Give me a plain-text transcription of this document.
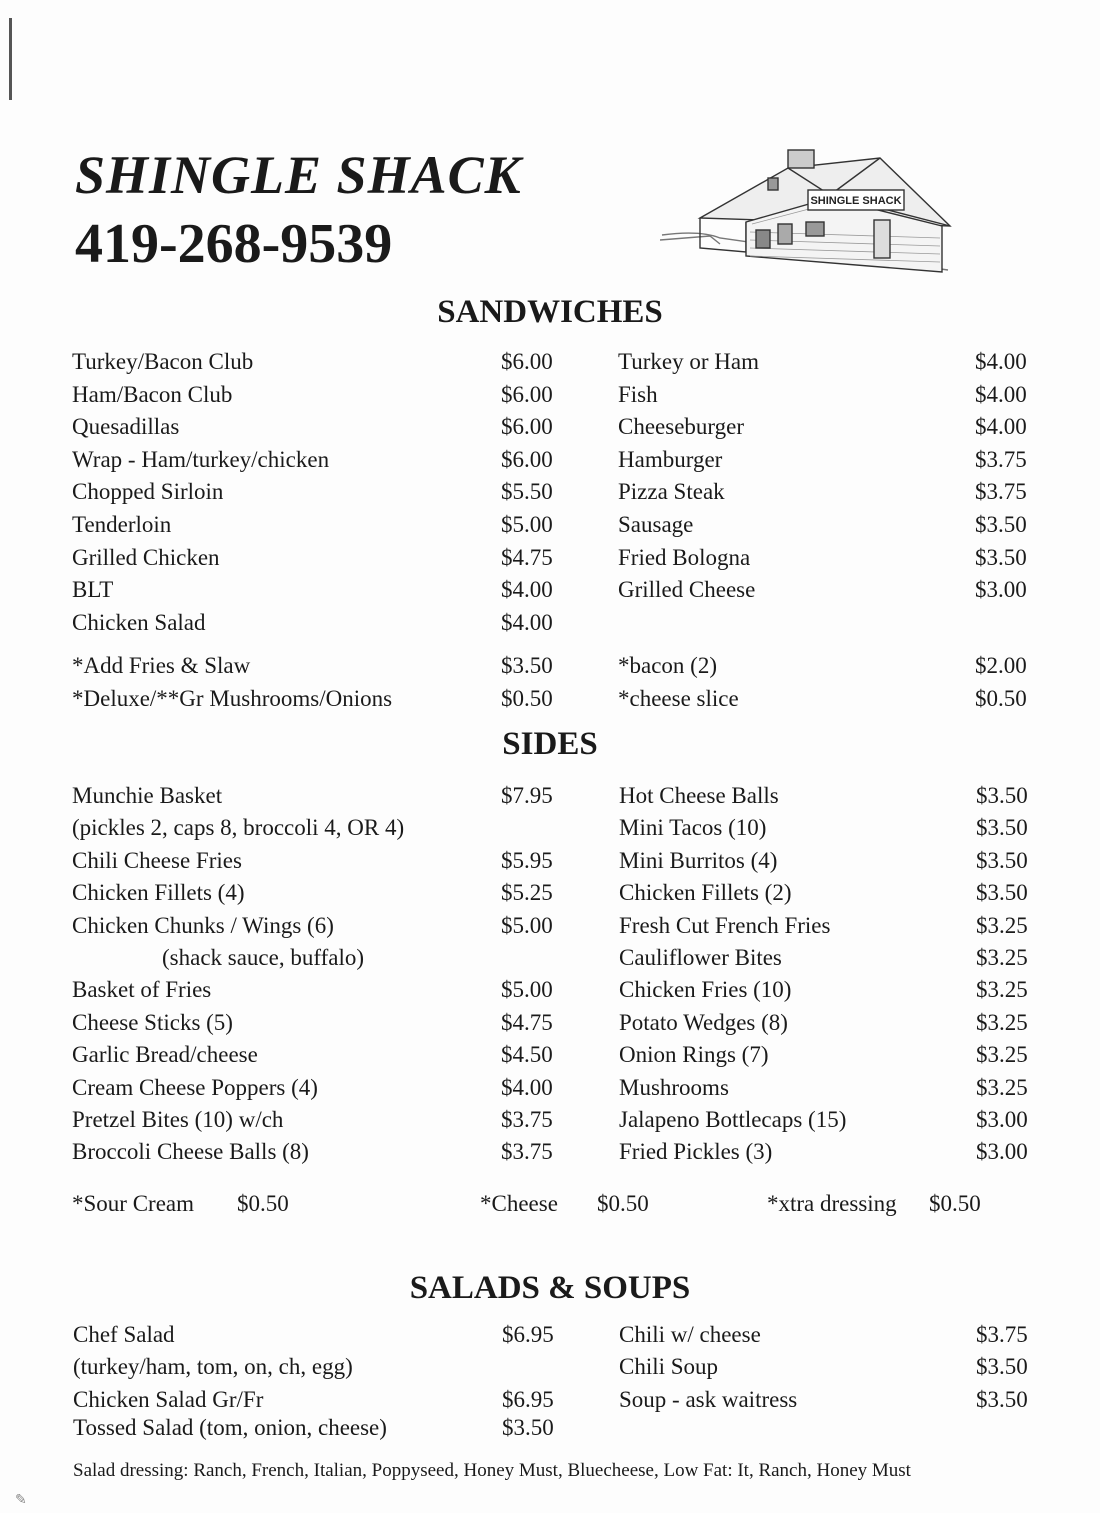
SHINGLE SHACK
419-268-9539
SHINGLE SHACK
SANDWICHES
Turkey/Bacon Club	$6.00
Ham/Bacon Club	$6.00
Quesadillas	$6.00
Wrap - Ham/turkey/chicken	$6.00
Chopped Sirloin	$5.50
Tenderloin	$5.00
Grilled Chicken	$4.75
BLT	$4.00
Chicken Salad	$4.00
Turkey or Ham	$4.00
Fish	$4.00
Cheeseburger	$4.00
Hamburger	$3.75
Pizza Steak	$3.75
Sausage	$3.50
Fried Bologna	$3.50
Grilled Cheese	$3.00
*Add Fries & Slaw	$3.50
*Deluxe/**Gr Mushrooms/Onions	$0.50
*bacon (2)	$2.00
*cheese slice	$0.50
SIDES
Munchie Basket	$7.95
(pickles 2, caps 8, broccoli 4, OR 4)
Chili Cheese Fries	$5.95
Chicken Fillets (4)	$5.25
Chicken Chunks / Wings (6)	$5.00
(shack sauce, buffalo)
Basket of Fries	$5.00
Cheese Sticks (5)	$4.75
Garlic Bread/cheese	$4.50
Cream Cheese Poppers (4)	$4.00
Pretzel Bites (10) w/ch	$3.75
Broccoli Cheese Balls (8)	$3.75
Hot Cheese Balls	$3.50
Mini Tacos (10)	$3.50
Mini Burritos (4)	$3.50
Chicken Fillets (2)	$3.50
Fresh Cut French Fries	$3.25
Cauliflower Bites	$3.25
Chicken Fries (10)	$3.25
Potato Wedges (8)	$3.25
Onion Rings (7)	$3.25
Mushrooms	$3.25
Jalapeno Bottlecaps (15)	$3.00
Fried Pickles (3)	$3.00
*Sour Cream $0.50	*Cheese $0.50	*xtra dressing $0.50
SALADS & SOUPS
Chef Salad	$6.95
(turkey/ham, tom, on, ch, egg)
Chicken Salad Gr/Fr	$6.95
Tossed Salad (tom, onion, cheese)	$3.50
Chili w/ cheese	$3.75
Chili Soup	$3.50
Soup - ask waitress	$3.50
Salad dressing: Ranch, French, Italian, Poppyseed, Honey Must, Bluecheese, Low Fat: It, Ranch, Honey Must
✎
